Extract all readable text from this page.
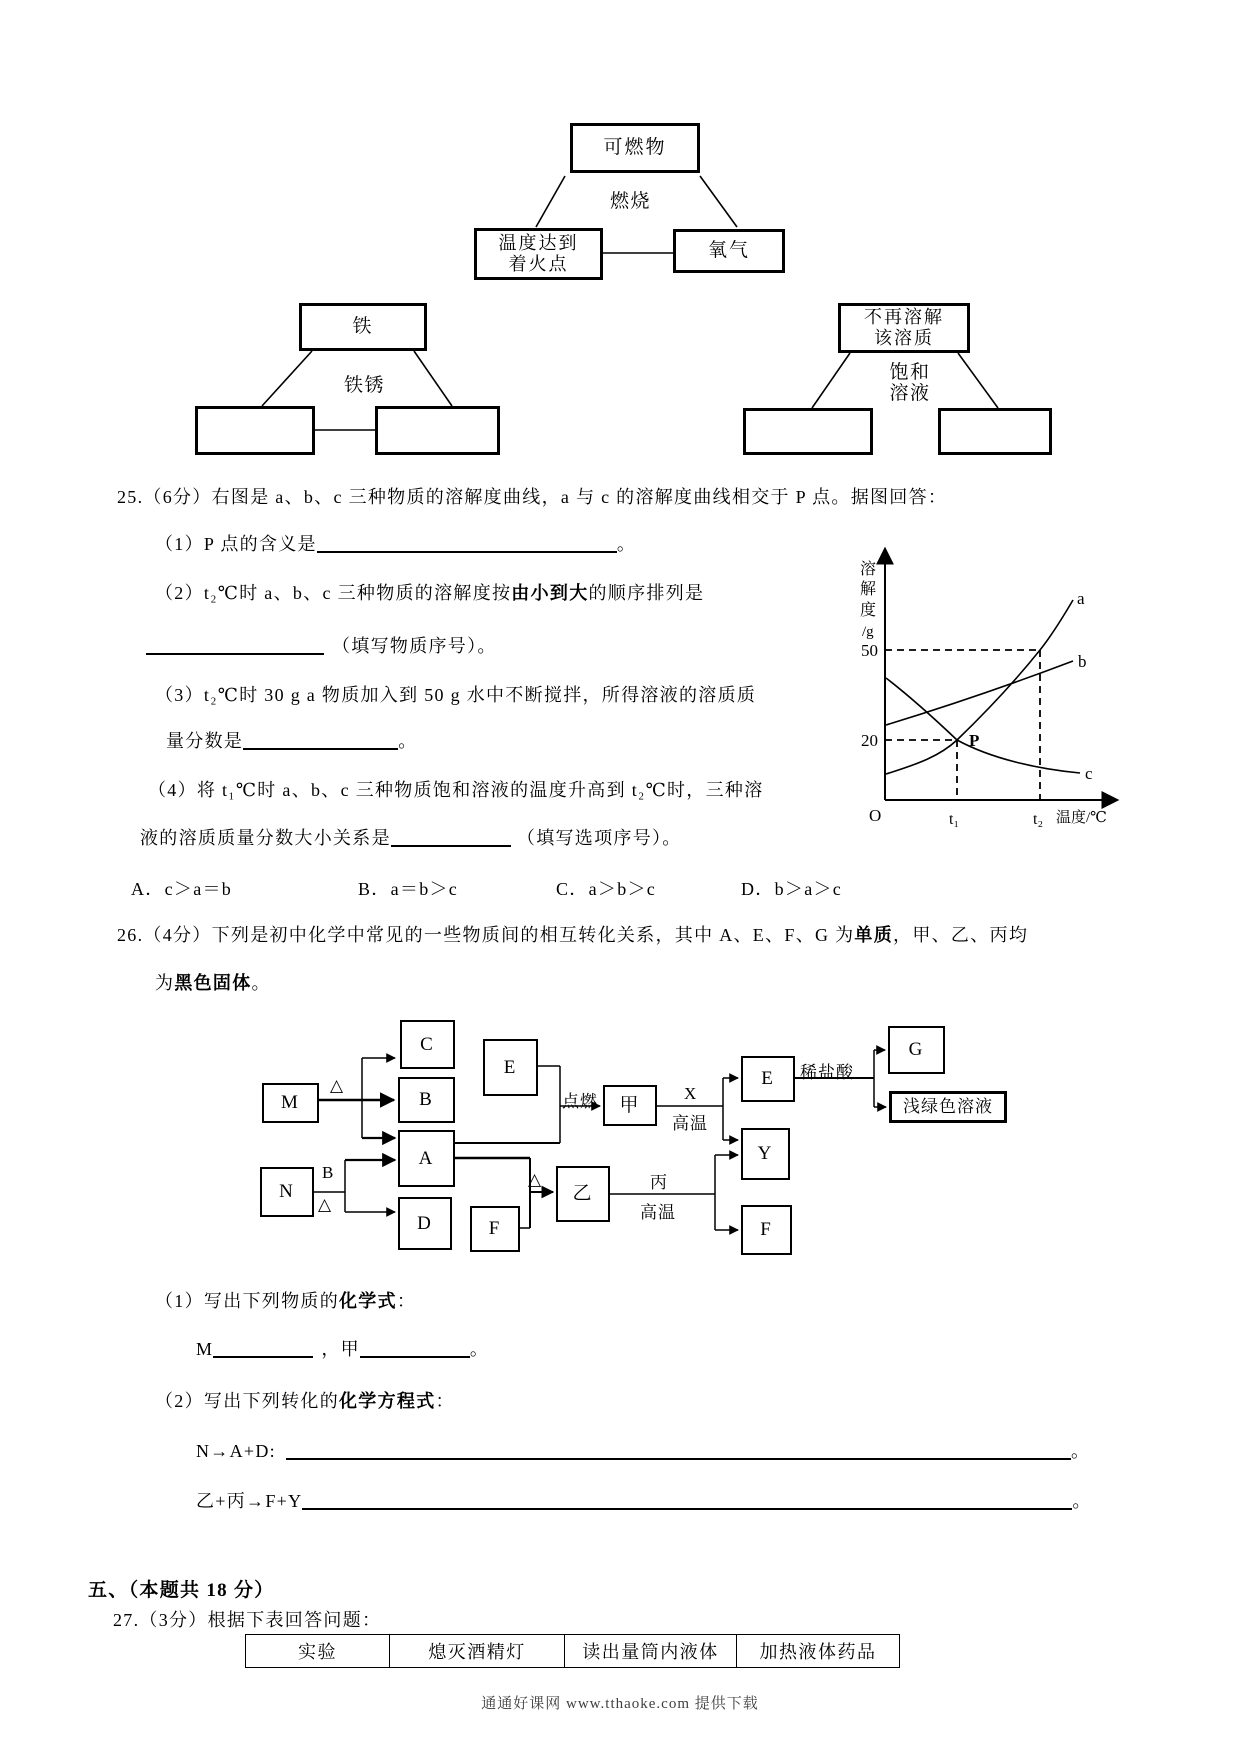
可燃物
燃烧
温度达到
着火点
氧气
铁
铁锈
不再溶解
该溶质
饱和
溶液
25.（6分）右图是 a、b、c 三种物质的溶解度曲线，a 与 c 的溶解度曲线相交于 P 点。据图回答：
（1）P 点的含义是	。
（2）t₂℃时 a、b、c 三种物质的溶解度按由小到大的顺序排列是
（填写物质序号）。
（3）t₂℃时 30 g a 物质加入到 50 g 水中不断搅拌，所得溶液的溶质质
量分数是	。
（4）将 t₁℃时 a、b、c 三种物质饱和溶液的温度升高到 t₂℃时，三种溶
液的溶质质量分数大小关系是	（填写选项序号）。
A．c＞a＝b	B．a＝b＞c	C．a＞b＞c	D．b＞a＞c
溶
解
度
/g
50
20
a
b
c
P
O	t₁	t₂ 温度/℃
26.（4分）下列是初中化学中常见的一些物质间的相互转化关系，其中 A、E、F、G 为单质，甲、乙、丙均
为黑色固体。
M
C
B
A
D
E
甲
N
F
乙
E
Y
F
G
浅绿色溶液
△
B
△
点燃	X
高温
△	丙
高温
稀盐酸
（1）写出下列物质的化学式：
M	，甲	。
（2）写出下列转化的化学方程式：
N→A+D:	。
乙+丙→F+Y	。
五、（本题共 18 分）
27.（3分）根据下表回答问题：
实验	熄灭酒精灯	读出量筒内液体	加热液体药品
通通好课网 www.tthaoke.com 提供下载
